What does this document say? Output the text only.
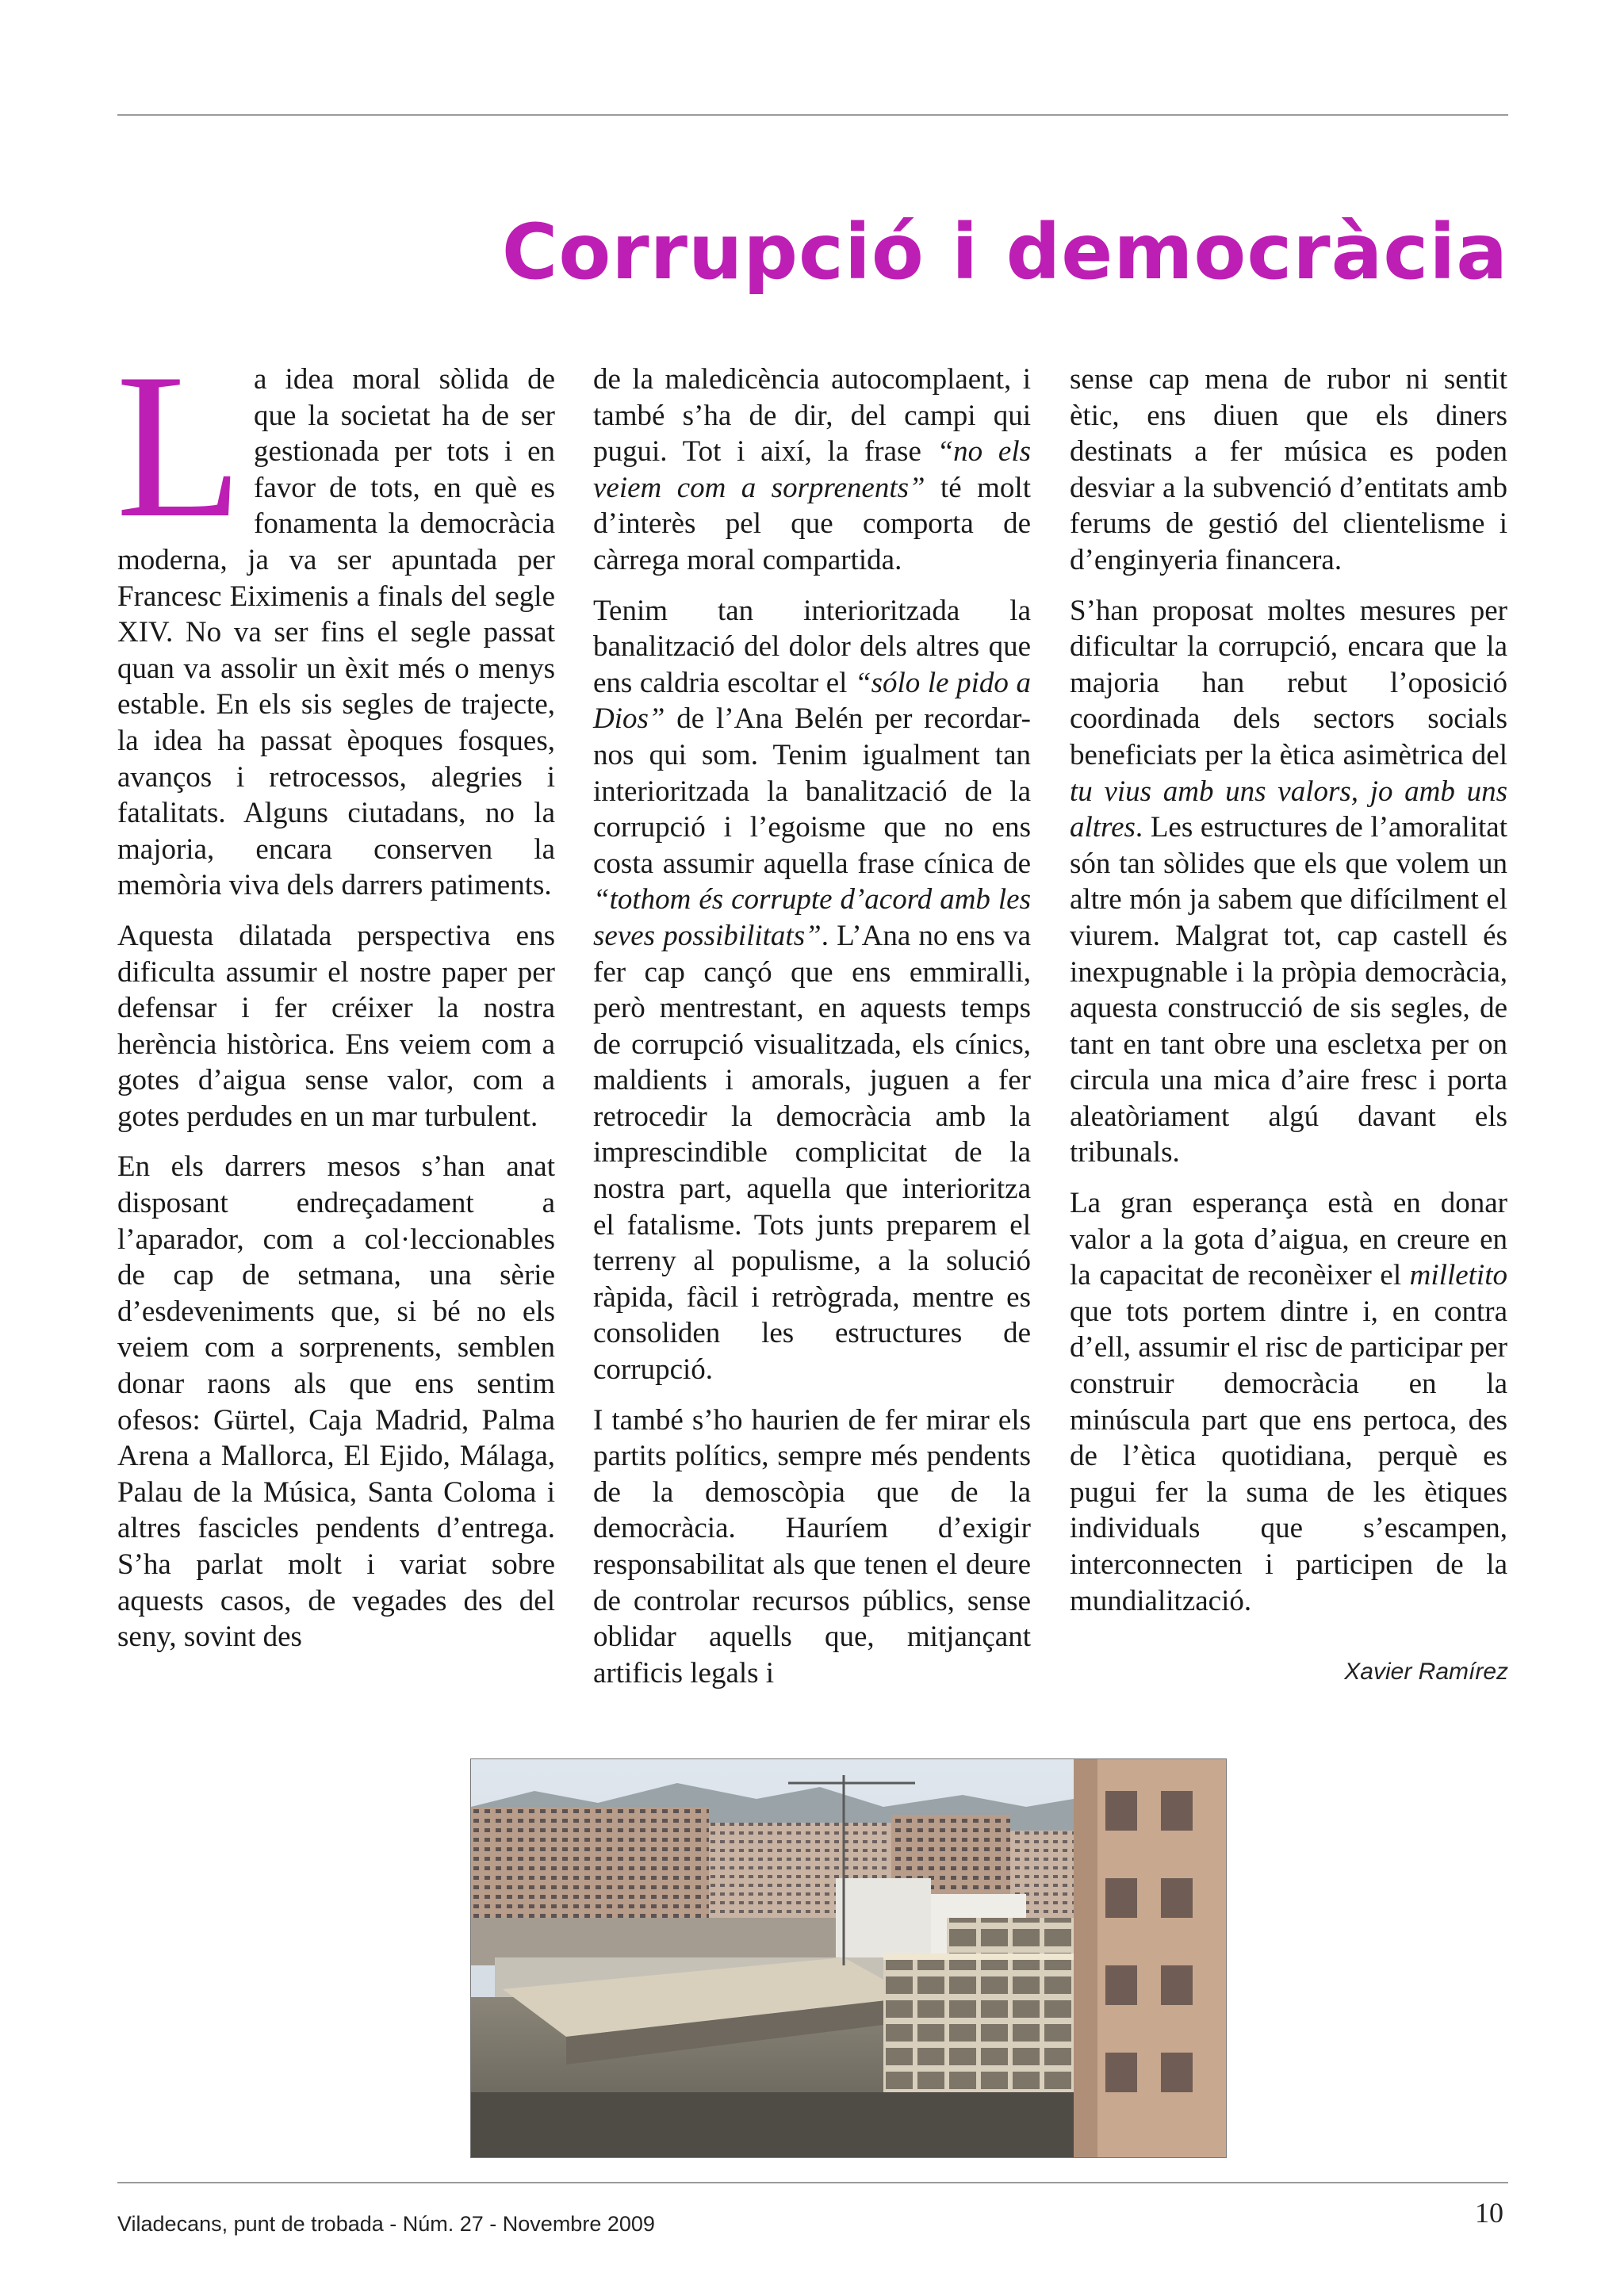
Corrupció i democràcia

La idea moral sòlida de que la societat ha de ser gestionada per tots i en favor de tots, en què es fonamenta la democràcia moderna, ja va ser apuntada per Francesc Eiximenis a finals del segle XIV. No va ser fins el segle passat quan va assolir un èxit més o menys estable. En els sis segles de trajecte, la idea ha passat èpoques fosques, avanços i retrocessos, alegries i fatalitats. Alguns ciutadans, no la majoria, encara conserven la memòria viva dels darrers patiments.

Aquesta dilatada perspectiva ens dificulta assumir el nostre paper per defensar i fer créixer la nostra herència històrica. Ens veiem com a gotes d’aigua sense valor, com a gotes perdudes en un mar turbulent.

En els darrers mesos s’han anat disposant endreçadament a l’aparador, com a col·leccionables de cap de setmana, una sèrie d’esdeveniments que, si bé no els veiem com a sorprenents, semblen donar raons als que ens sentim ofesos: Gürtel, Caja Madrid, Palma Arena a Mallorca, El Ejido, Málaga, Palau de la Música, Santa Coloma i altres fascicles pendents d’entrega. S’ha parlat molt i variat sobre aquests casos, de vegades des del seny, sovint des

de la maledicència autocomplaent, i també s’ha de dir, del campi qui pugui. Tot i així, la frase “no els veiem com a sorprenents” té molt d’interès pel que comporta de càrrega moral compartida.

Tenim tan interioritzada la banalització del dolor dels altres que ens caldria escoltar el “sólo le pido a Dios” de l’Ana Belén per recordar-nos qui som. Tenim igualment tan interioritzada la banalització de la corrupció i l’egoisme que no ens costa assumir aquella frase cínica de “tothom és corrupte d’acord amb les seves possibilitats”. L’Ana no ens va fer cap cançó que ens emmiralli, però mentrestant, en aquests temps de corrupció visualitzada, els cínics, maldients i amorals, juguen a fer retrocedir la democràcia amb la imprescindible complicitat de la nostra part, aquella que interioritza el fatalisme. Tots junts preparem el terreny al populisme, a la solució ràpida, fàcil i retrògrada, mentre es consoliden les estructures de corrupció.

I també s’ho haurien de fer mirar els partits polítics, sempre més pendents de la demoscòpia que de la democràcia. Hauríem d’exigir responsabilitat als que tenen el deure de controlar recursos públics, sense oblidar aquells que, mitjançant artificis legals i

sense cap mena de rubor ni sentit ètic, ens diuen que els diners destinats a fer música es poden desviar a la subvenció d’entitats amb ferums de gestió del clientelisme i d’enginyeria financera.

S’han proposat moltes mesures per dificultar la corrupció, encara que la majoria han rebut l’oposició coordinada dels sectors socials beneficiats per la ètica asimètrica del tu vius amb uns valors, jo amb uns altres. Les estructures de l’amoralitat són tan sòlides que els que volem un altre món ja sabem que difícilment el viurem. Malgrat tot, cap castell és inexpugnable i la pròpia democràcia, aquesta construcció de sis segles, de tant en tant obre una escletxa per on circula una mica d’aire fresc i porta aleatòriament algú davant els tribunals.

La gran esperança està en donar valor a la gota d’aigua, en creure en la capacitat de reconèixer el milletito que tots portem dintre i, en contra d’ell, assumir el risc de participar per construir democràcia en la minúscula part que ens pertoca, des de l’ètica quotidiana, perquè es pugui fer la suma de les ètiques individuals que s’escampen, interconnecten i participen de la mundialització.

Xavier Ramírez
Viladecans, punt de trobada - Núm. 27 - Novembre 2009	10
